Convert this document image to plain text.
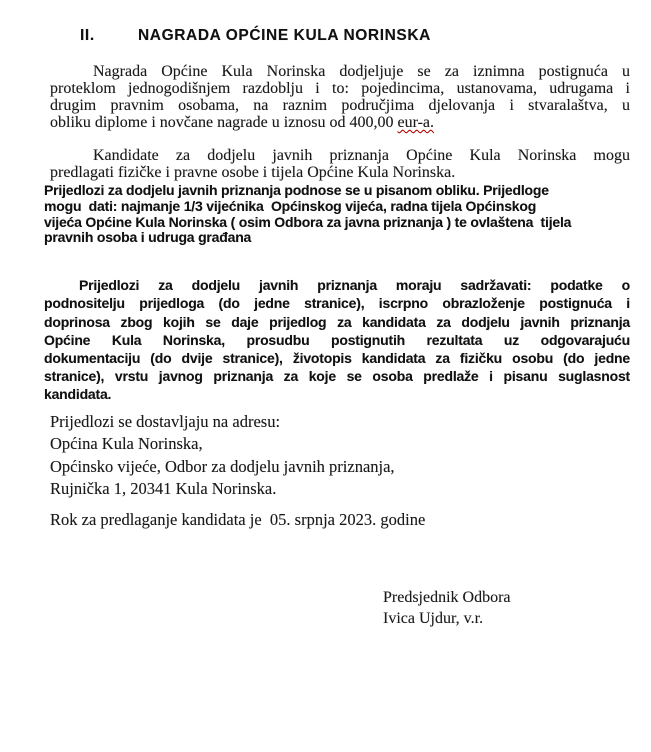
II.	NAGRADA OPĆINE KULA NORINSKA
Nagrada Općine Kula Norinska dodjeljuje se za iznimna postignuća u
proteklom jednogodišnjem razdoblju i to: pojedincima, ustanovama, udrugama i
drugim pravnim osobama, na raznim područjima djelovanja i stvaralaštva, u
obliku diplome i novčane nagrade u iznosu od 400,00 eur-a.
Kandidate za dodjelu javnih priznanja Općine Kula Norinska mogu
predlagati fizičke i pravne osobe i tijela Općine Kula Norinska.
Prijedlozi za dodjelu javnih priznanja podnose se u pisanom obliku. Prijedloge
mogu  dati: najmanje 1/3 vijećnika  Općinskog vijeća, radna tijela Općinskog
vijeća Općine Kula Norinska ( osim Odbora za javna priznanja ) te ovlaštena  tijela
pravnih osoba i udruga građana
Prijedlozi za dodjelu javnih priznanja moraju sadržavati: podatke o
podnositelju prijedloga (do jedne stranice), iscrpno obrazloženje postignuća i
doprinosa zbog kojih se daje prijedlog za kandidata za dodjelu javnih priznanja
Općine Kula Norinska, prosudbu postignutih rezultata uz odgovarajuću
dokumentaciju (do dvije stranice), životopis kandidata za fizičku osobu (do jedne
stranice), vrstu javnog priznanja za koje se osoba predlaže i pisanu suglasnost
kandidata.
Prijedlozi se dostavljaju na adresu:
Općina Kula Norinska,
Općinsko vijeće, Odbor za dodjelu javnih priznanja,
Rujnička 1, 20341 Kula Norinska.
Rok za predlaganje kandidata je  05. srpnja 2023. godine
Predsjednik Odbora
Ivica Ujdur, v.r.
